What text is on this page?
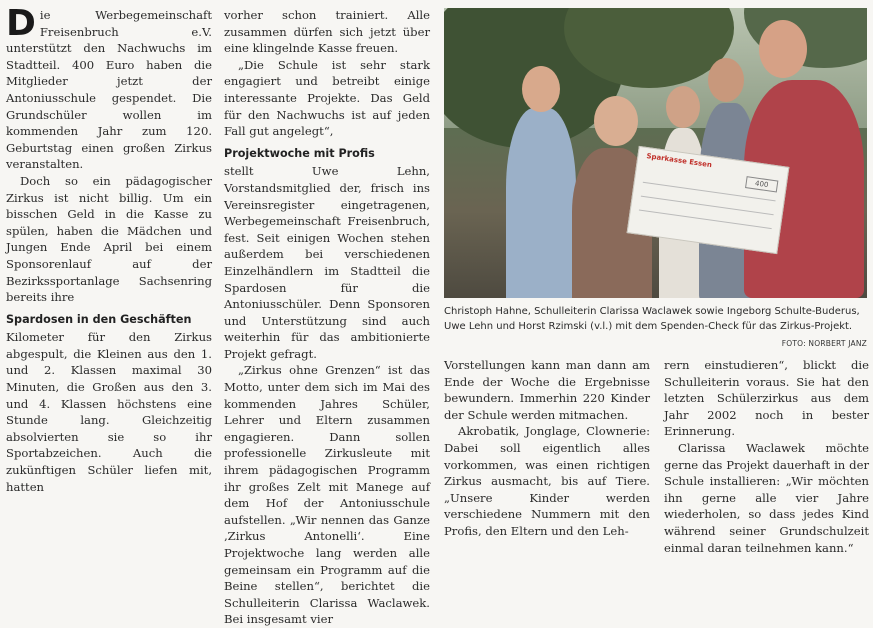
Die Werbegemeinschaft Freisenbruch e.V. unterstützt den Nachwuchs im Stadtteil. 400 Euro haben die Mitglieder jetzt der Antoniusschule gespendet. Die Grundschüler wollen im kommenden Jahr zum 120. Geburtstag einen großen Zirkus veranstalten.

Doch so ein pädagogischer Zirkus ist nicht billig. Um ein bisschen Geld in die Kasse zu spülen, haben die Mädchen und Jungen Ende April bei einem Sponsorenlauf auf der Bezirkssportanlage Sachsenring bereits ihre

Spardosen in den Geschäften

Kilometer für den Zirkus abgespult, die Kleinen aus den 1. und 2. Klassen maximal 30 Minuten, die Großen aus den 3. und 4. Klassen höchstens eine Stunde lang. Gleichzeitig absolvierten sie so ihr Sportabzeichen. Auch die zukünftigen Schüler liefen mit, hatten

vorher schon trainiert. Alle zusammen dürfen sich jetzt über eine klingelnde Kasse freuen.

„Die Schule ist sehr stark engagiert und betreibt einige interessante Projekte. Das Geld für den Nachwuchs ist auf jeden Fall gut angelegt“,

Projektwoche mit Profis

stellt Uwe Lehn, Vorstandsmitglied der, frisch ins Vereinsregister eingetragenen, Werbegemeinschaft Freisenbruch, fest. Seit einigen Wochen stehen außerdem bei verschiedenen Einzelhändlern im Stadtteil die Spardosen für die Antoniusschüler. Denn Sponsoren und Unterstützung sind auch weiterhin für das ambitionierte Projekt gefragt.

„Zirkus ohne Grenzen“ ist das Motto, unter dem sich im Mai des kommenden Jahres Schüler, Lehrer und Eltern zusammen engagieren. Dann sollen professionelle Zirkusleute mit ihrem pädagogischen Programm ihr großes Zelt mit Manege auf dem Hof der Antoniusschule aufstellen. „Wir nennen das Ganze ‚Zirkus Antonelli‘. Eine Projektwoche lang werden alle gemeinsam ein Programm auf die Beine stellen“, berichtet die Schulleiterin Clarissa Waclawek. Bei insgesamt vier

Sparkasse Essen
400
Christoph Hahne, Schulleiterin Clarissa Waclawek sowie Ingeborg Schulte-Buderus, Uwe Lehn und Horst Rzimski (v.l.) mit dem Spenden-Check für das Zirkus-Projekt.
FOTO: NORBERT JANZ

Vorstellungen kann man dann am Ende der Woche die Ergebnisse bewundern. Immerhin 220 Kinder der Schule werden mitmachen.

Akrobatik, Jonglage, Clownerie: Dabei soll eigentlich alles vorkommen, was einen richtigen Zirkus ausmacht, bis auf Tiere. „Unsere Kinder werden verschiedene Nummern mit den Profis, den Eltern und den Leh-

rern einstudieren“, blickt die Schulleiterin voraus. Sie hat den letzten Schülerzirkus aus dem Jahr 2002 noch in bester Erinnerung.

Clarissa Waclawek möchte gerne das Projekt dauerhaft in der Schule installieren: „Wir möchten ihn gerne alle vier Jahre wiederholen, so dass jedes Kind während seiner Grundschulzeit einmal daran teilnehmen kann.“
